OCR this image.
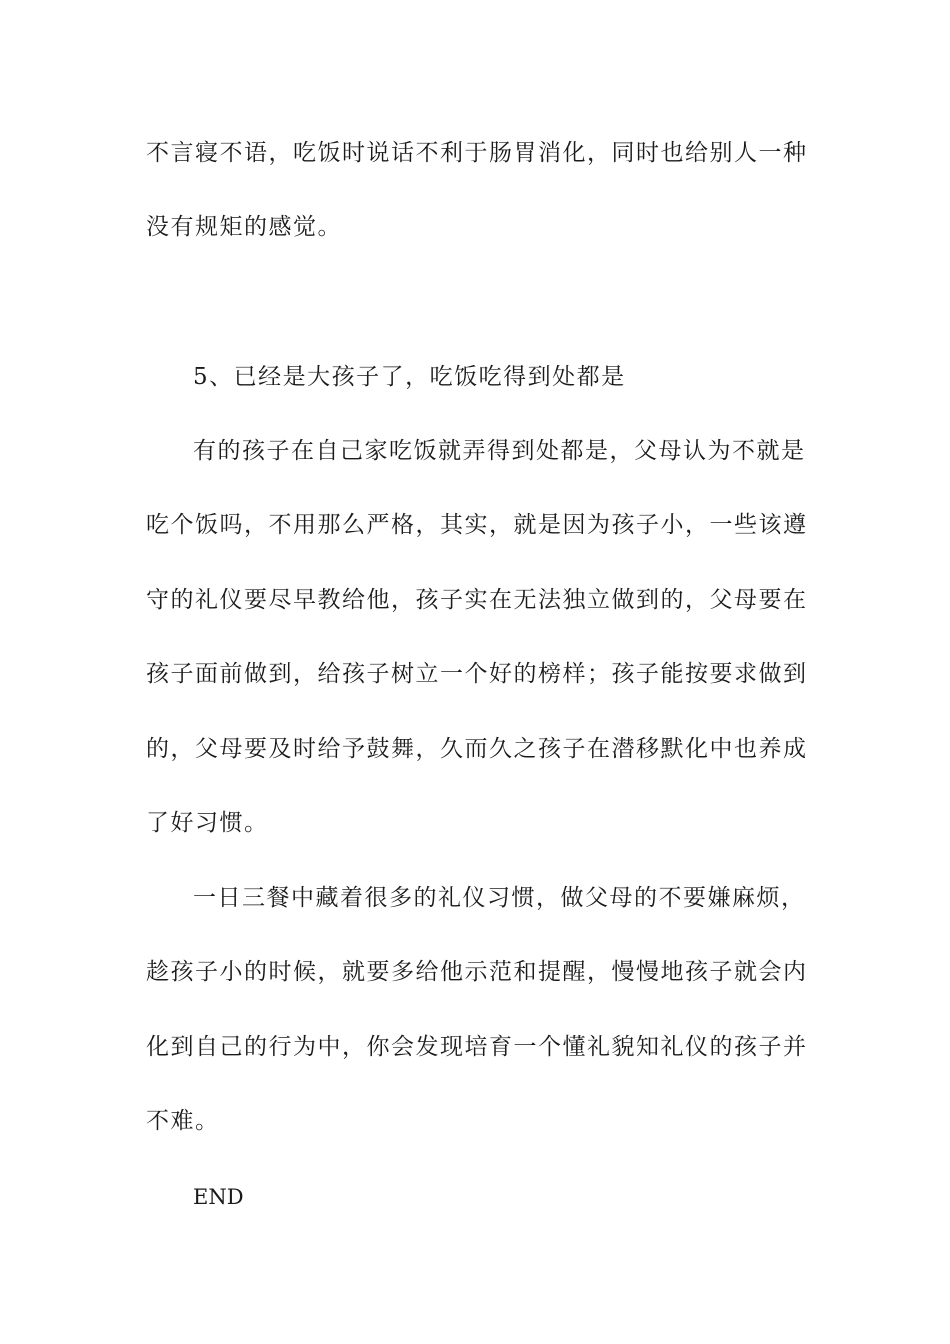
不言寝不语，吃饭时说话不利于肠胃消化，同时也给别人一种
没有规矩的感觉。
5、已经是大孩子了，吃饭吃得到处都是
有的孩子在自己家吃饭就弄得到处都是，父母认为不就是
吃个饭吗，不用那么严格，其实，就是因为孩子小，一些该遵
守的礼仪要尽早教给他，孩子实在无法独立做到的，父母要在
孩子面前做到，给孩子树立一个好的榜样；孩子能按要求做到
的，父母要及时给予鼓舞，久而久之孩子在潜移默化中也养成
了好习惯。
一日三餐中藏着很多的礼仪习惯，做父母的不要嫌麻烦，
趁孩子小的时候，就要多给他示范和提醒，慢慢地孩子就会内
化到自己的行为中，你会发现培育一个懂礼貌知礼仪的孩子并
不难。
END
